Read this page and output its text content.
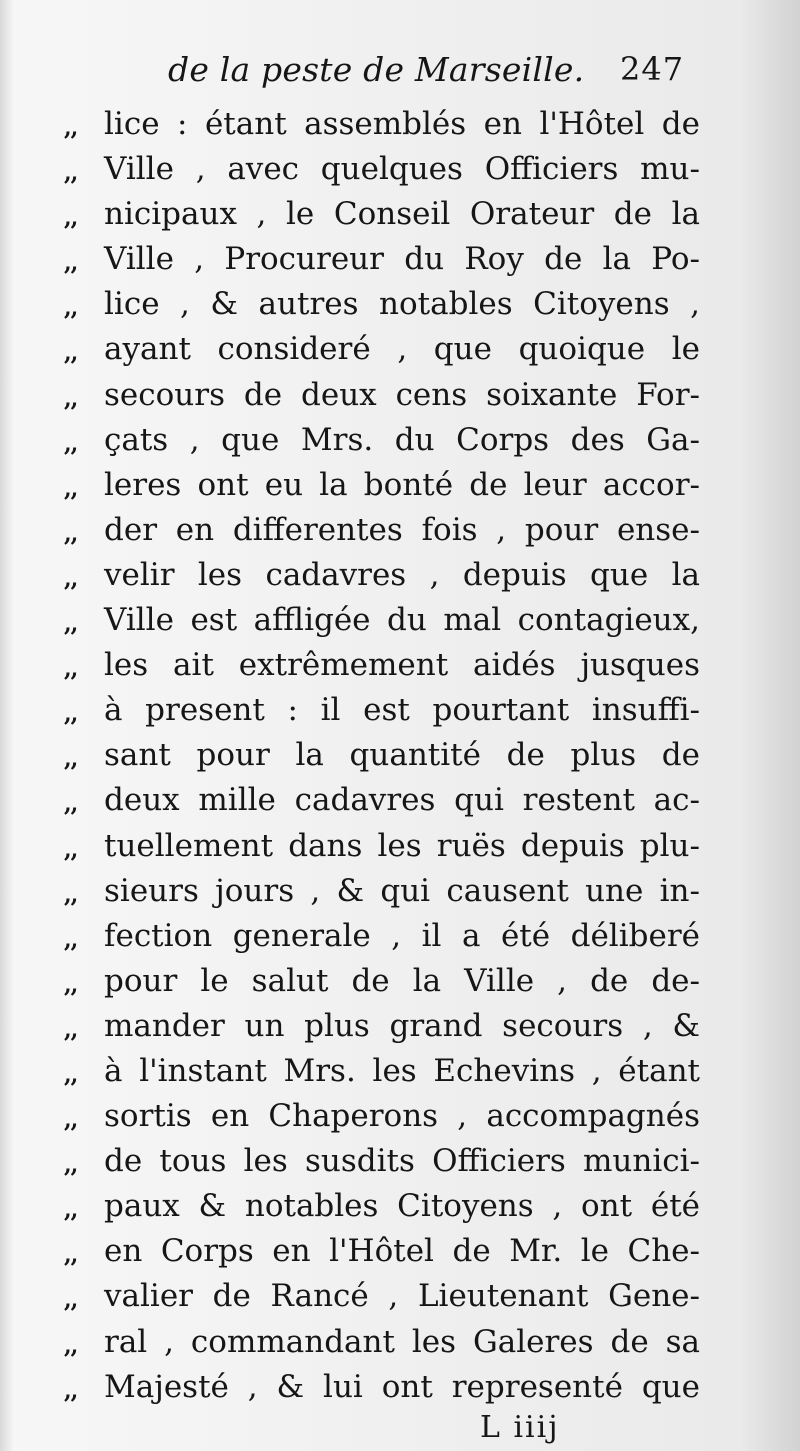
de la peste de Marseille. 247
,, lice : étant assemblés en l'Hôtel de
,, Ville , avec quelques Officiers mu-
,, nicipaux , le Conseil Orateur de la
,, Ville , Procureur du Roy de la Po-
,, lice , & autres notables Citoyens ,
,, ayant consideré , que quoique le
,, secours de deux cens soixante For-
,, çats , que Mrs. du Corps des Ga-
,, leres ont eu la bonté de leur accor-
,, der en differentes fois , pour ense-
,, velir les cadavres , depuis que la
,, Ville est affligée du mal contagieux,
,, les ait extrêmement aidés jusques
,, à present : il est pourtant insuffi-
,, sant pour la quantité de plus de
,, deux mille cadavres qui restent ac-
,, tuellement dans les ruës depuis plu-
,, sieurs jours , & qui causent une in-
,, fection generale , il a été déliberé
,, pour le salut de la Ville , de de-
,, mander un plus grand secours , &
,, à l'instant Mrs. les Echevins , étant
,, sortis en Chaperons , accompagnés
,, de tous les susdits Officiers munici-
,, paux & notables Citoyens , ont été
,, en Corps en l'Hôtel de Mr. le Che-
,, valier de Rancé , Lieutenant Gene-
,, ral , commandant les Galeres de sa
,, Majesté , & lui ont representé que
L iiij
